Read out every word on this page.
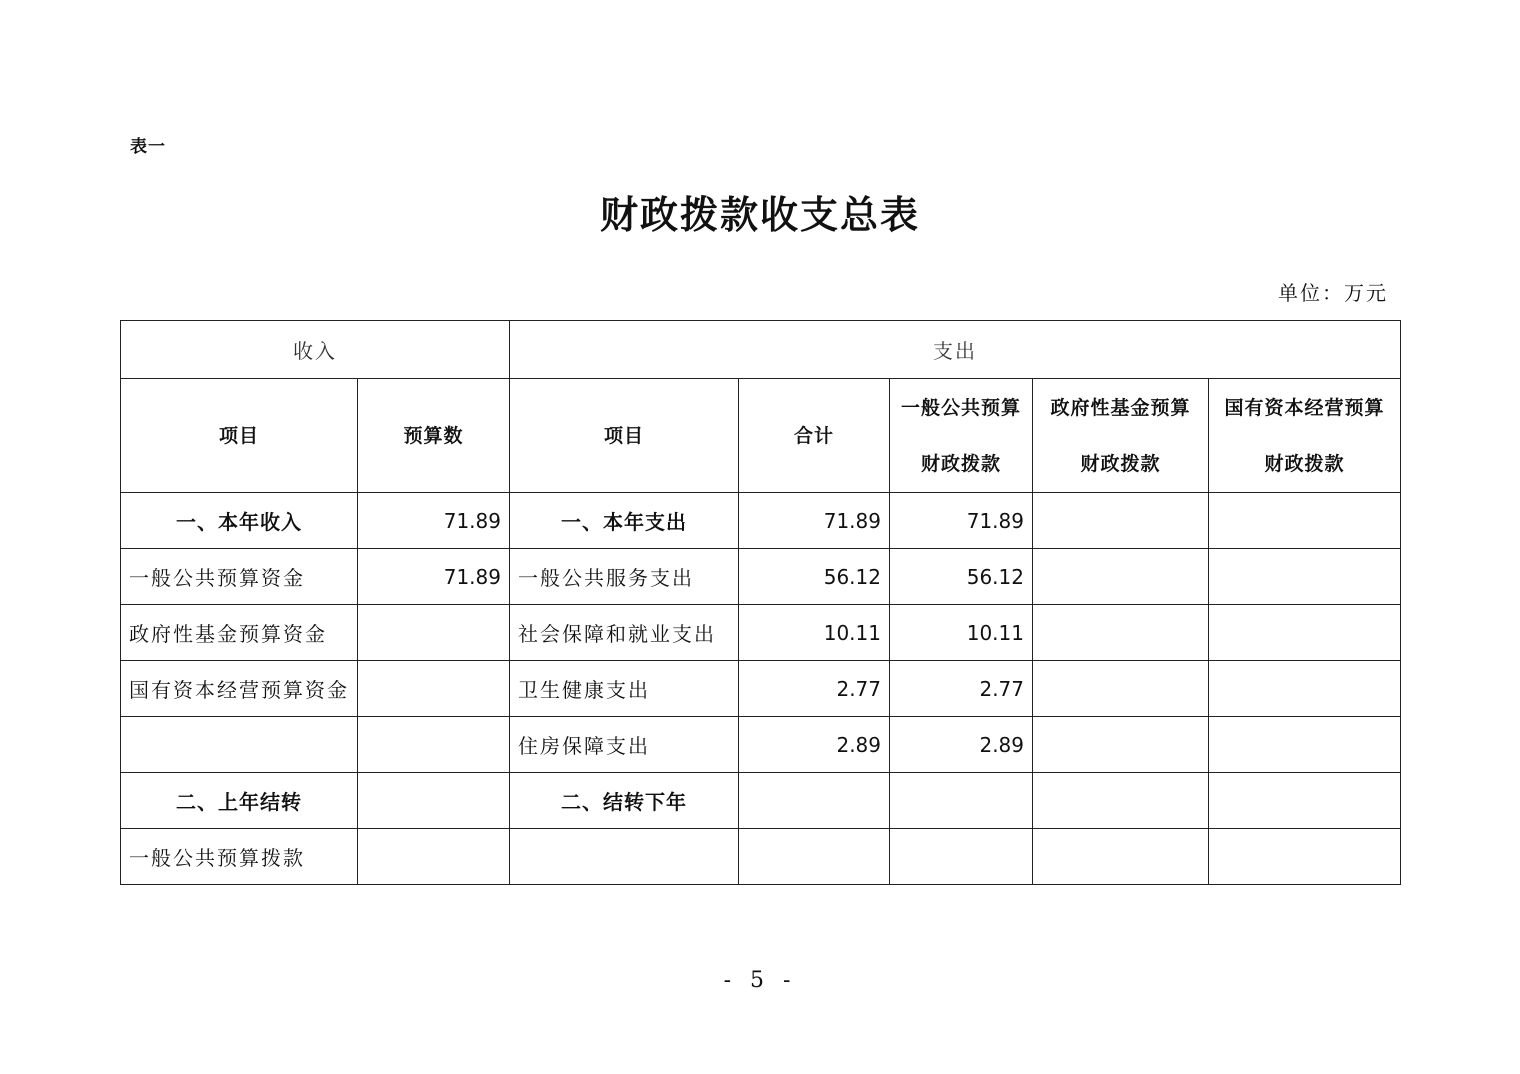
表一
财政拨款收支总表
单位：万元
收入		支出				
项目	预算数	项目	合计	一般公共预算财政拨款	政府性基金预算财政拨款	国有资本经营预算财政拨款
一、本年收入	71.89	一、本年支出	71.89	71.89		
一般公共预算资金	71.89	一般公共服务支出	56.12	56.12		
政府性基金预算资金		社会保障和就业支出	10.11	10.11		
国有资本经营预算资金		卫生健康支出	2.77	2.77		
		住房保障支出	2.89	2.89		
二、上年结转		二、结转下年				
一般公共预算拨款						
- 5 -
